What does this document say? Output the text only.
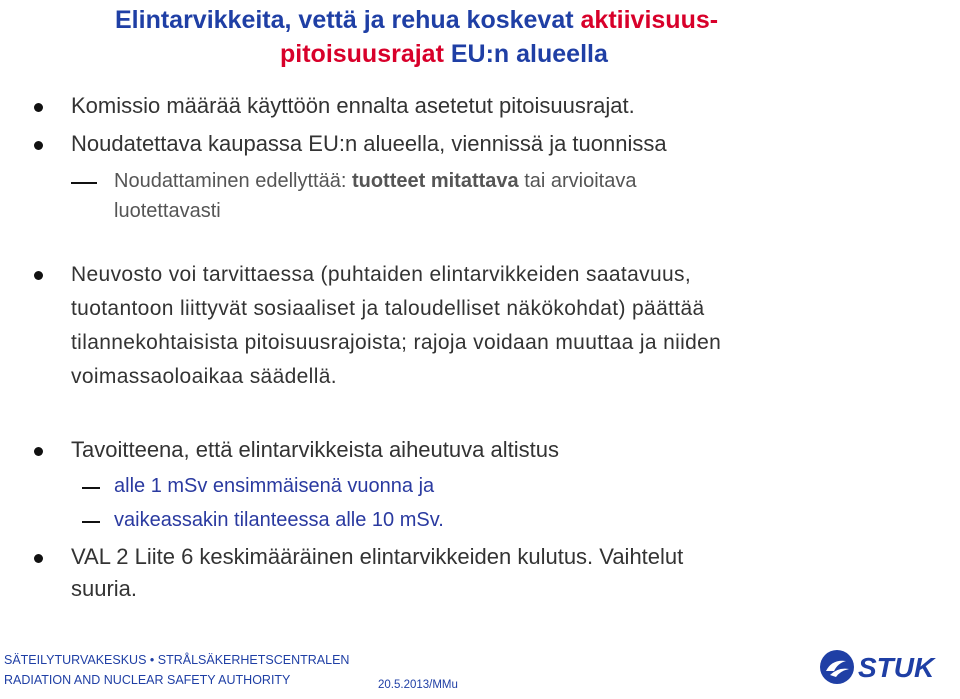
Elintarvikkeita, vettä ja rehua koskevat aktiivisuus-
pitoisuusrajat EU:n alueella
Komissio määrää käyttöön ennalta asetetut pitoisuusrajat.
Noudatettava kaupassa EU:n alueella, viennissä ja tuonnissa
Noudattaminen edellyttää: tuotteet mitattava tai arvioitava
luotettavasti
Neuvosto voi tarvittaessa (puhtaiden elintarvikkeiden saatavuus,
tuotantoon liittyvät sosiaaliset ja taloudelliset näkökohdat) päättää
tilannekohtaisista pitoisuusrajoista; rajoja voidaan muuttaa ja niiden
voimassaoloaikaa säädellä.
Tavoitteena, että elintarvikkeista aiheutuva altistus
alle 1 mSv ensimmäisenä vuonna ja
vaikeassakin tilanteessa alle 10 mSv.
VAL 2 Liite 6 keskimääräinen elintarvikkeiden kulutus. Vaihtelut
suuria.
SÄTEILYTURVAKESKUS • STRÅLSÄKERHETSCENTRALEN
RADIATION AND NUCLEAR SAFETY AUTHORITY	20.5.2013/MMu
STUK
